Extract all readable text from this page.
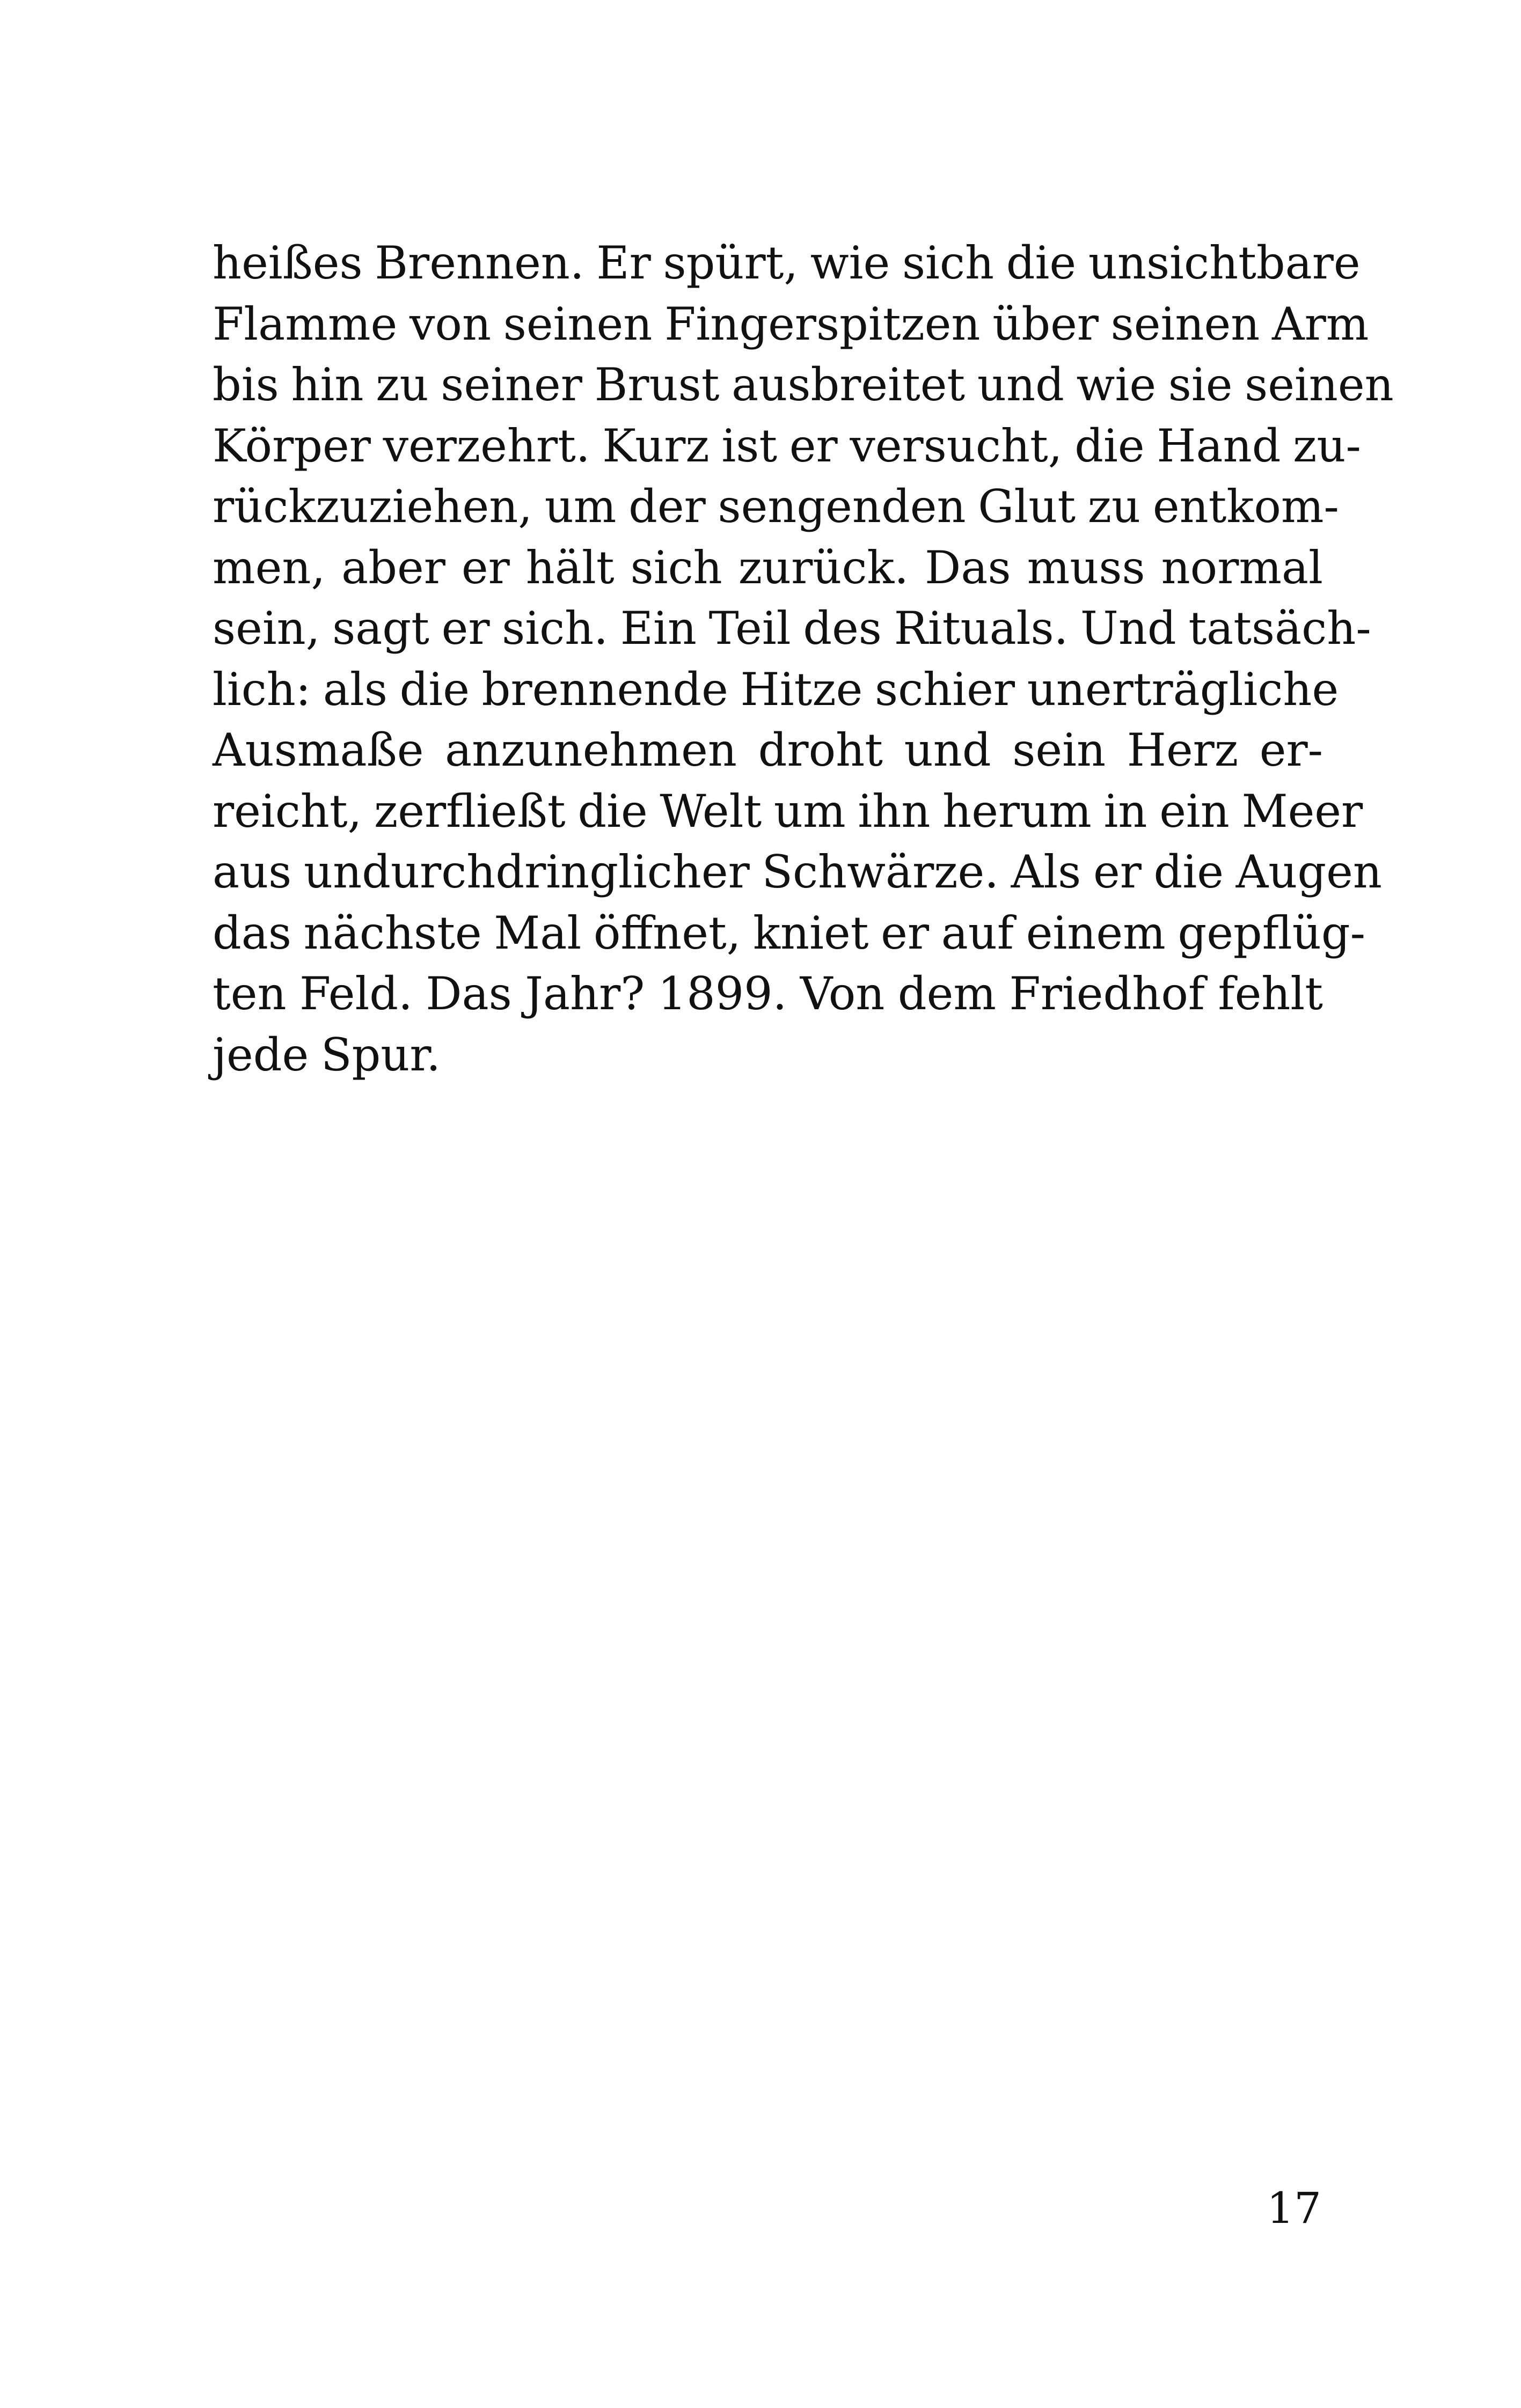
heißes Brennen. Er spürt, wie sich die unsichtbare
Flamme von seinen Fingerspitzen über seinen Arm
bis hin zu seiner Brust ausbreitet und wie sie seinen
Körper verzehrt. Kurz ist er versucht, die Hand zu-
rückzuziehen, um der sengenden Glut zu entkom-
men, aber er hält sich zurück. Das muss normal
sein, sagt er sich. Ein Teil des Rituals. Und tatsäch-
lich: als die brennende Hitze schier unerträgliche
Ausmaße anzunehmen droht und sein Herz er-
reicht, zerfließt die Welt um ihn herum in ein Meer
aus undurchdringlicher Schwärze. Als er die Augen
das nächste Mal öffnet, kniet er auf einem gepflüg-
ten Feld. Das Jahr? 1899. Von dem Friedhof fehlt
jede Spur.

17
